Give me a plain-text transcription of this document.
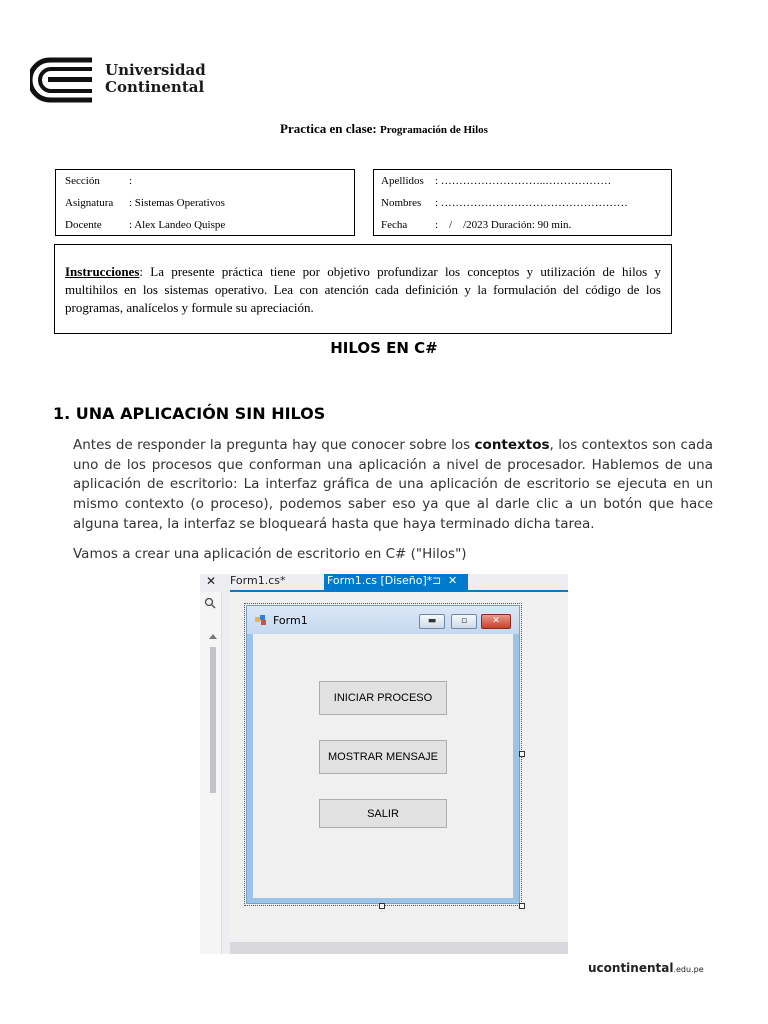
Universidad
Continental
Practica en clase: Programación de Hilos
Sección	:
Asignatura : Sistemas Operativos
Docente : Alex Landeo Quispe
Apellidos : ………………………..………………
Nombres : ……………………………………………
Fecha	:    /    /2023 Duración: 90 min.
Instrucciones: La presente práctica tiene por objetivo profundizar los conceptos y utilización de hilos y multihilos en los sistemas operativo. Lea con atención cada definición y la formulación del código de los programas, analícelos y formule su apreciación.
HILOS EN C#
1. UNA APLICACIÓN SIN HILOS
Antes de responder la pregunta hay que conocer sobre los contextos, los contextos son cada uno de los procesos que conforman una aplicación a nivel de procesador. Hablemos de una aplicación de escritorio: La interfaz gráfica de una aplicación de escritorio se ejecuta en un mismo contexto (o proceso), podemos saber eso ya que al darle clic a un botón que hace alguna tarea, la interfaz se bloqueará hasta que haya terminado dicha tarea.
Vamos a crear una aplicación de escritorio en C# ("Hilos")
✕ Form1.cs*	Form1.cs [Diseño]* ⊐ ✕
Form1	▬	▫	✕
INICIAR PROCESO
MOSTRAR MENSAJE
SALIR
ucontinental.edu.pe
